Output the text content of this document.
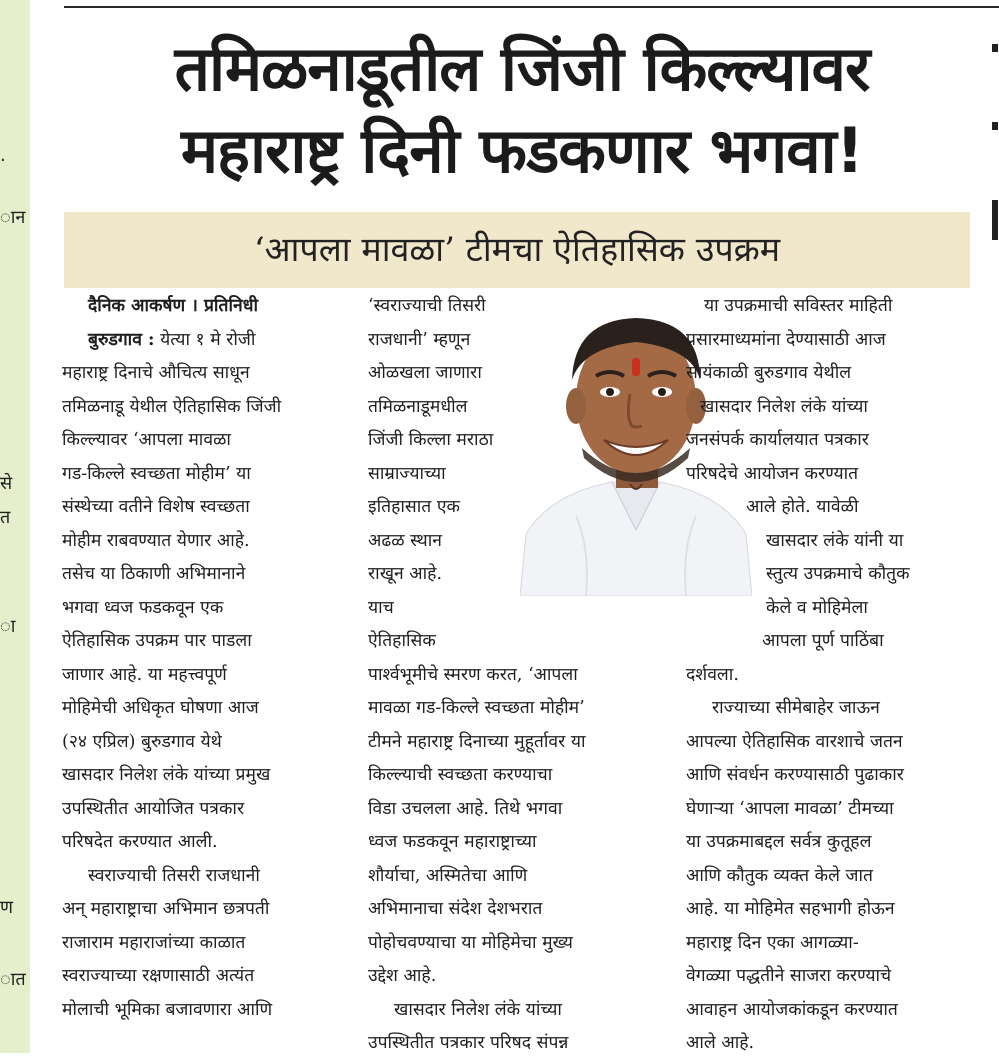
.
ान
से
त
ा
ण
ात
तमिळनाडूतील जिंजी किल्ल्यावर
महाराष्ट्र दिनी फडकणार भगवा!
‘आपला मावळा’ टीमचा ऐतिहासिक उपक्रम

दैनिक आकर्षण । प्रतिनिधी

बुरुडगाव : येत्या १ मे रोजी

महाराष्ट्र दिनाचे औचित्य साधून

तमिळनाडू येथील ऐतिहासिक जिंजी

किल्ल्यावर ‘आपला मावळा

गड-किल्ले स्वच्छता मोहीम’ या

संस्थेच्या वतीने विशेष स्वच्छता

मोहीम राबवण्यात येणार आहे.

तसेच या ठिकाणी अभिमानाने

भगवा ध्वज फडकवून एक

ऐतिहासिक उपक्रम पार पाडला

जाणार आहे. या महत्त्वपूर्ण

मोहिमेची अधिकृत घोषणा आज

(२४ एप्रिल) बुरुडगाव येथे

खासदार निलेश लंके यांच्या प्रमुख

उपस्थितीत आयोजित पत्रकार

परिषदेत करण्यात आली.

स्वराज्याची तिसरी राजधानी

अन् महाराष्ट्राचा अभिमान छत्रपती

राजाराम महाराजांच्या काळात

स्वराज्याच्या रक्षणासाठी अत्यंत

मोलाची भूमिका बजावणारा आणि

‘स्वराज्याची तिसरी

राजधानी’ म्हणून

ओळखला जाणारा

तमिळनाडूमधील

जिंजी किल्ला मराठा

साम्राज्याच्या

इतिहासात एक

अढळ स्थान

राखून आहे.

याच

ऐतिहासिक

पार्श्वभूमीचे स्मरण करत, ‘आपला

मावळा गड-किल्ले स्वच्छता मोहीम’

टीमने महाराष्ट्र दिनाच्या मुहूर्तावर या

किल्ल्याची स्वच्छता करण्याचा

विडा उचलला आहे. तिथे भगवा

ध्वज फडकवून महाराष्ट्राच्या

शौर्याचा, अस्मितेचा आणि

अभिमानाचा संदेश देशभरात

पोहोचवण्याचा या मोहिमेचा मुख्य

उद्देश आहे.

खासदार निलेश लंके यांच्या

उपस्थितीत पत्रकार परिषद संपन्न

या उपक्रमाची सविस्तर माहिती

प्रसारमाध्यमांना देण्यासाठी आज

सायंकाळी बुरुडगाव येथील

खासदार निलेश लंके यांच्या

जनसंपर्क कार्यालयात पत्रकार

परिषदेचे आयोजन करण्यात

आले होते. यावेळी

खासदार लंके यांनी या

स्तुत्य उपक्रमाचे कौतुक

केले व मोहिमेला

आपला पूर्ण पाठिंबा

दर्शवला.

राज्याच्या सीमेबाहेर जाऊन

आपल्या ऐतिहासिक वारशाचे जतन

आणि संवर्धन करण्यासाठी पुढाकार

घेणाऱ्या ‘आपला मावळा’ टीमच्या

या उपक्रमाबद्दल सर्वत्र कुतूहल

आणि कौतुक व्यक्त केले जात

आहे. या मोहिमेत सहभागी होऊन

महाराष्ट्र दिन एका आगळ्या-

वेगळ्या पद्धतीने साजरा करण्याचे

आवाहन आयोजकांकडून करण्यात

आले आहे.
